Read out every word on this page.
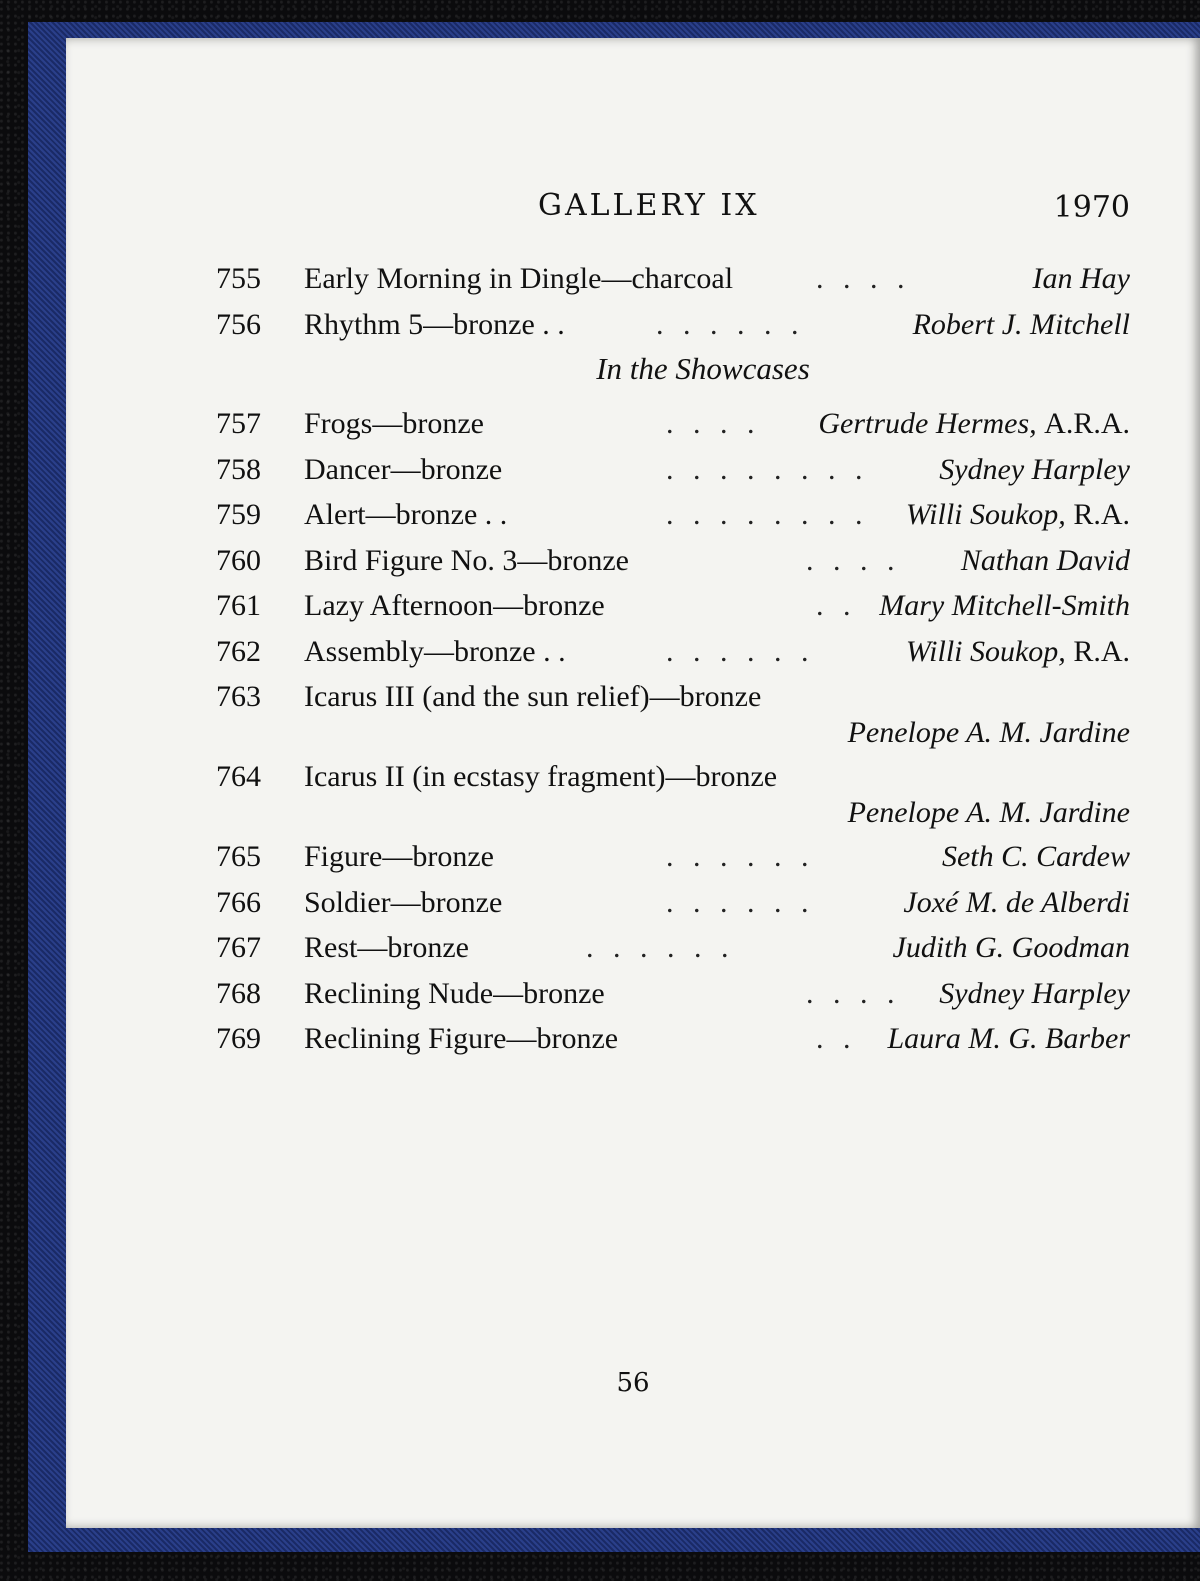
GALLERY IX	1970
755	Early Morning in Dingle—charcoal	. . . .	Ian Hay
756	Rhythm 5—bronze . .	. . . . . .	Robert J. Mitchell
In the Showcases
757	Frogs—bronze	. . . . Gertrude Hermes, A.R.A.
758	Dancer—bronze	. . . . . . . . Sydney Harpley
759	Alert—bronze . .	. . . . . . . . Willi Soukop, R.A.
760	Bird Figure No. 3—bronze	. . . . Nathan David
761	Lazy Afternoon—bronze	. . Mary Mitchell-Smith
762	Assembly—bronze . .	. . . . . .	Willi Soukop, R.A.
763	Icarus III (and the sun relief)—bronze
Penelope A. M. Jardine
764	Icarus II (in ecstasy fragment)—bronze
Penelope A. M. Jardine
765	Figure—bronze	. . . . . .	Seth C. Cardew
766	Soldier—bronze	. . . . . .	Joxé M. de Alberdi
767	Rest—bronze	. . . . . .	Judith G. Goodman
768	Reclining Nude—bronze	. . . . Sydney Harpley
769	Reclining Figure—bronze	. . Laura M. G. Barber
56
